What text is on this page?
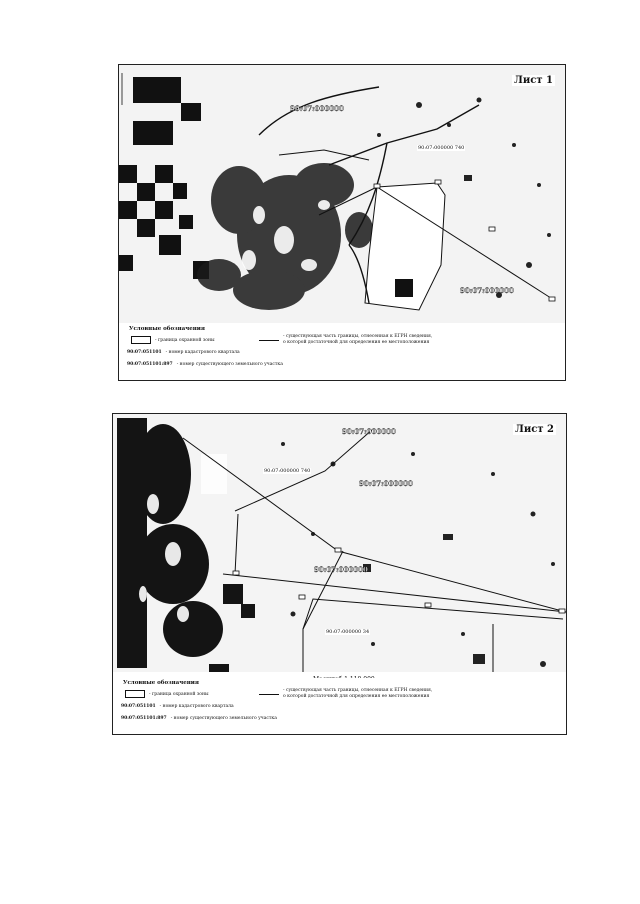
Лист 1
90:07:000000
90:07:000000 740
90:07:000000
Условные обозначения
- граница охранной зоны
- существующая часть границы, отнесенная к ЕГРН сведения,
о которой достаточной для определения ее местоположения
90:07:051101 - номер кадастрового квартала
90:07:051101:897 - номер существующего земельного участка
Лист 2
90:07:000000
90:07:000000 740
90:07:000000
90:07:000000
90:07:000000 34
Условные обозначения
- граница охранной зоны
- существующая часть границы, отнесенная к ЕГРН сведения,
о которой достаточной для определения ее местоположения
90:07:051101 - номер кадастрового квартала
90:07:051101:897 - номер существующего земельного участка
